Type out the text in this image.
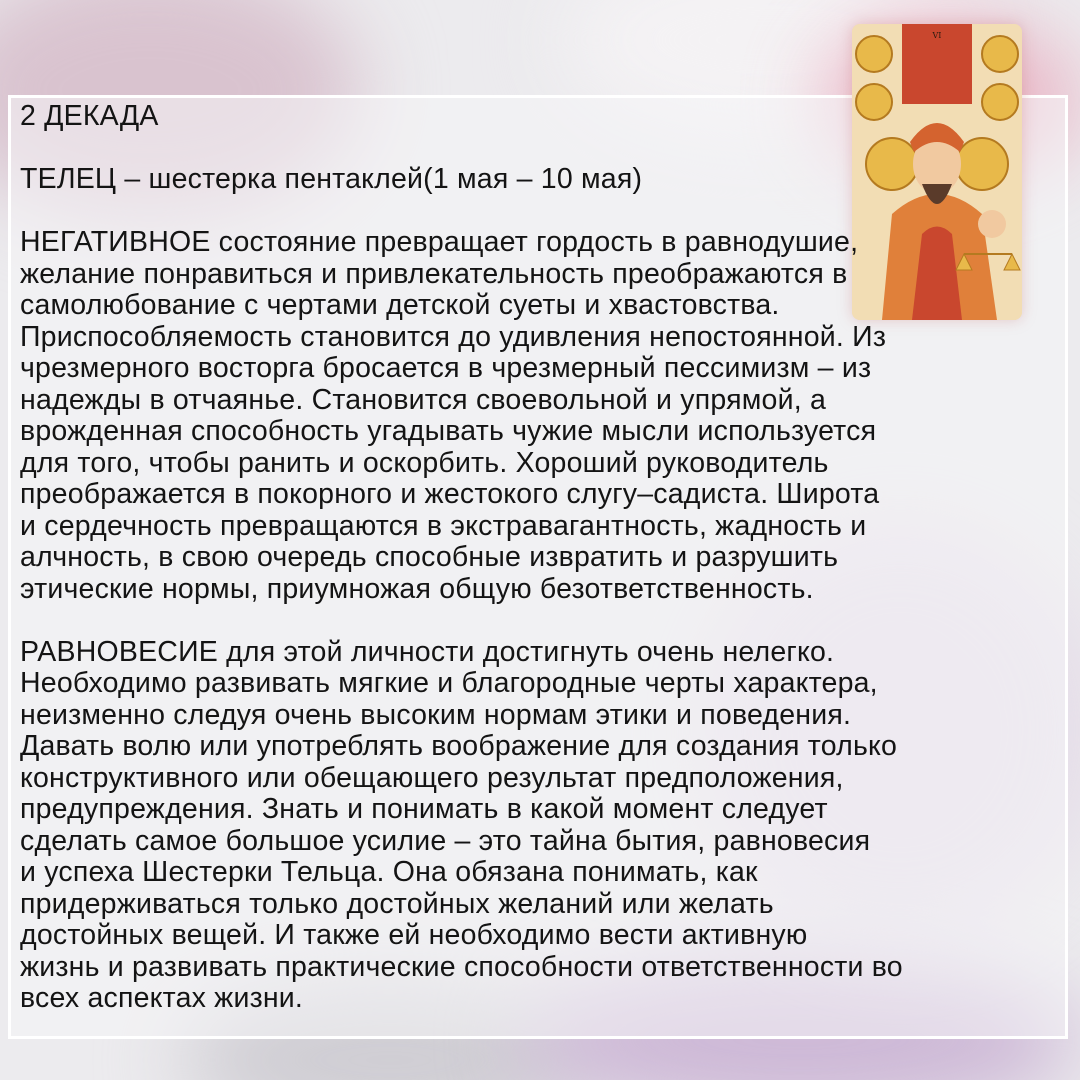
VI
2 ДЕКАДА
ТЕЛЕЦ – шестерка пентаклей(1 мая – 10 мая)
НЕГАТИВНОЕ состояние превращает гордость в равнодушие,
желание понравиться и привлекательность преображаются в
самолюбование с чертами детской суеты и хвастовства.
Приспособляемость становится до удивления непостоянной. Из
чрезмерного восторга бросается в чрезмерный пессимизм – из
надежды в отчаянье. Становится своевольной и упрямой, а
врожденная способность угадывать чужие мысли используется
для того, чтобы ранить и оскорбить. Хороший руководитель
преображается в покорного и жестокого слугу–садиста. Широта
и сердечность превращаются в экстравагантность, жадность и
алчность, в свою очередь способные извратить и разрушить
этические нормы, приумножая общую безответственность.
РАВНОВЕСИЕ для этой личности достигнуть очень нелегко.
Необходимо развивать мягкие и благородные черты характера,
неизменно следуя очень высоким нормам этики и поведения.
Давать волю или употреблять воображение для создания только
конструктивного или обещающего результат предположения,
предупреждения. Знать и понимать в какой момент следует
сделать самое большое усилие – это тайна бытия, равновесия
и успеха Шестерки Тельца. Она обязана понимать, как
придерживаться только достойных желаний или желать
достойных вещей. И также ей необходимо вести активную
жизнь и развивать практические способности ответственности во
всех аспектах жизни.
